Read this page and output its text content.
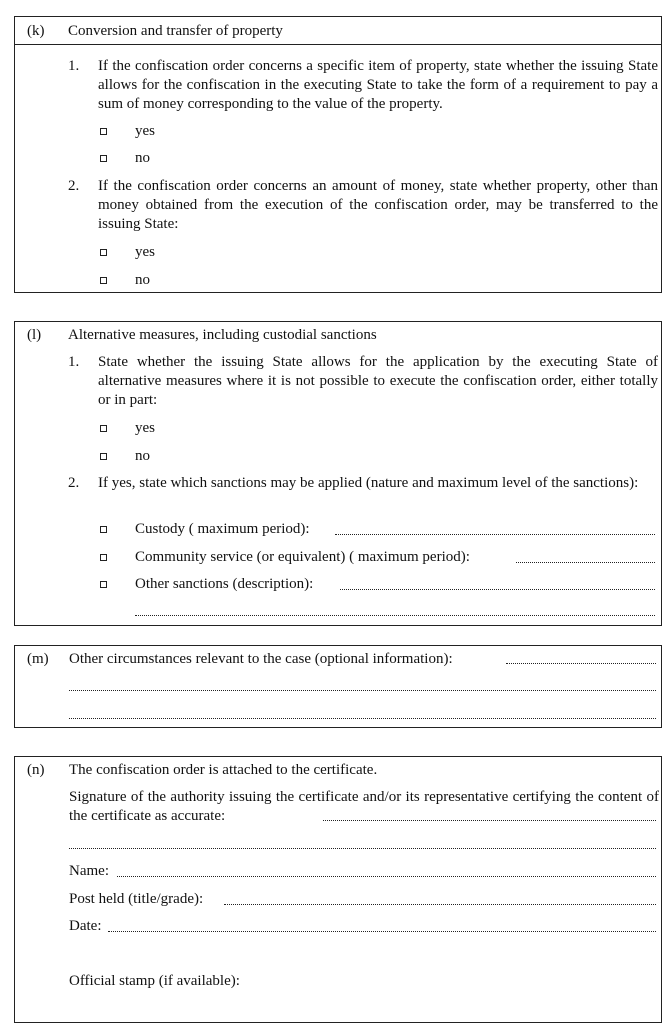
(k) Conversion and transfer of property
1. If the confiscation order concerns a specific item of property, state whether the issuing State allows for the confiscation in the executing State to take the form of a requirement to pay a sum of money corresponding to the value of the property.
yes
no
2. If the confiscation order concerns an amount of money, state whether property, other than money obtained from the execution of the confiscation order, may be transferred to the issuing State:
yes
no
(l) Alternative measures, including custodial sanctions
1. State whether the issuing State allows for the application by the executing State of alternative measures where it is not possible to execute the confiscation order, either totally or in part:
yes
no
2. If yes, state which sanctions may be applied (nature and maximum level of the sanctions):
Custody ( maximum period):
Community service (or equivalent) ( maximum period):
Other sanctions (description):
(m) Other circumstances relevant to the case (optional information):
(n) The confiscation order is attached to the certificate.
Signature of the authority issuing the certificate and/or its representative certifying the content of the certificate as accurate:
Name:
Post held (title/grade):
Date:
Official stamp (if available):
